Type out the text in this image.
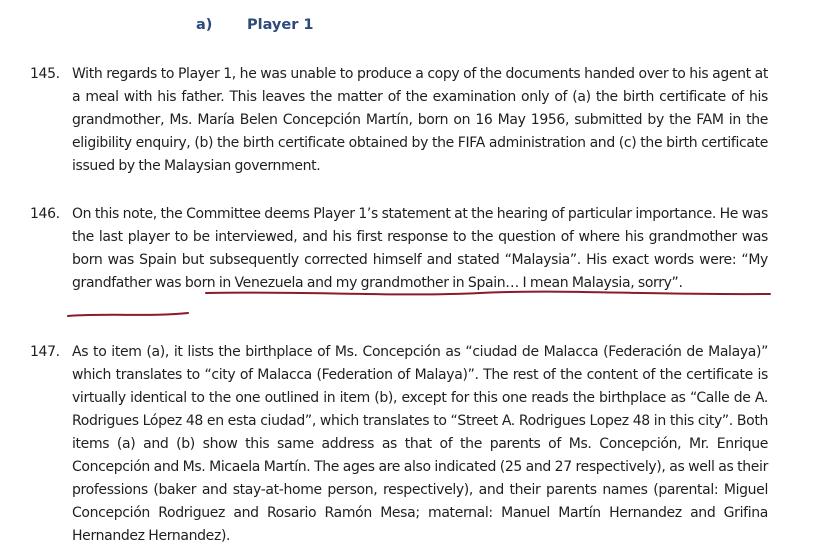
a)	Player 1
145. With regards to Player 1, he was unable to produce a copy of the documents handed over to his agent at a meal with his father. This leaves the matter of the examination only of (a) the birth certificate of his grandmother, Ms. María Belen Concepción Martín, born on 16 May 1956, submitted by the FAM in the eligibility enquiry, (b) the birth certificate obtained by the FIFA administration and (c) the birth certificate issued by the Malaysian government.
146. On this note, the Committee deems Player 1’s statement at the hearing of particular importance. He was the last player to be interviewed, and his first response to the question of where his grandmother was born was Spain but subsequently corrected himself and stated “Malaysia”. His exact words were: “My grandfather was born in Venezuela and my grandmother in Spain… I mean Malaysia, sorry”.
147. As to item (a), it lists the birthplace of Ms. Concepción as “ciudad de Malacca (Federación de Malaya)” which translates to “city of Malacca (Federation of Malaya)”. The rest of the content of the certificate is virtually identical to the one outlined in item (b), except for this one reads the birthplace as “Calle de A. Rodrigues López 48 en esta ciudad”, which translates to “Street A. Rodrigues Lopez 48 in this city”. Both items (a) and (b) show this same address as that of the parents of Ms. Concepción, Mr. Enrique Concepción and Ms. Micaela Martín. The ages are also indicated (25 and 27 respectively), as well as their professions (baker and stay-at-home person, respectively), and their parents names (parental: Miguel Concepción Rodriguez and Rosario Ramón Mesa; maternal: Manuel Martín Hernandez and Grifina Hernandez Hernandez).
